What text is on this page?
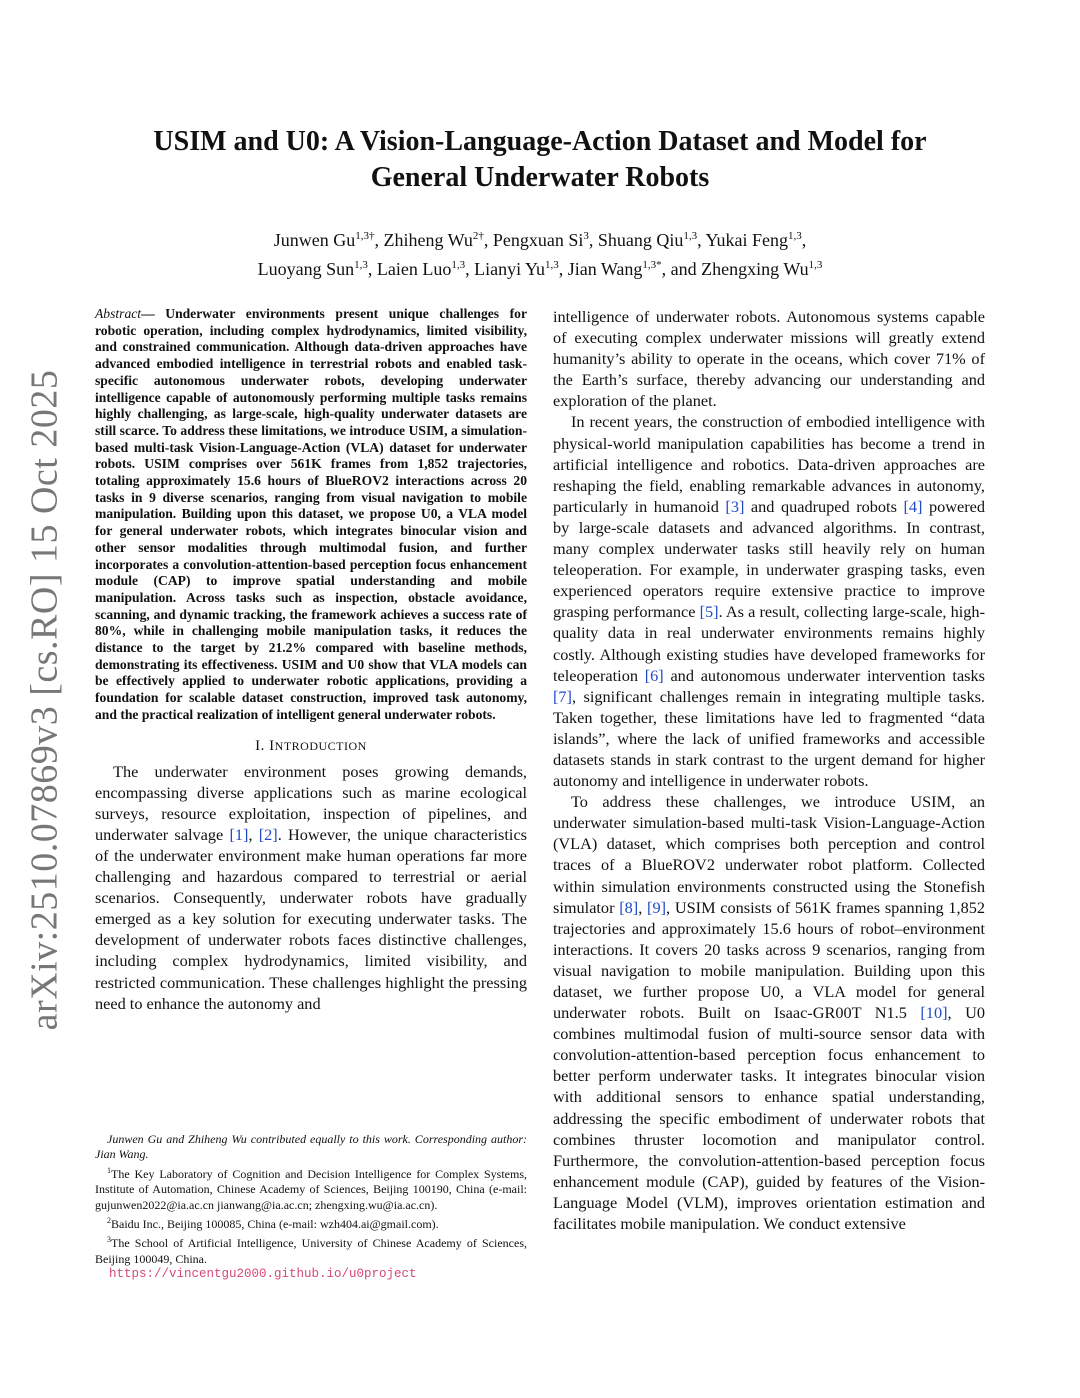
arXiv:2510.07869v3 [cs.RO] 15 Oct 2025
USIM and U0: A Vision-Language-Action Dataset and Model for
General Underwater Robots
Junwen $Gu^{1,3\dagger}$, Zhiheng $Wu^{2\dagger}$, Pengxuan Si$^3$, Shuang Qiu$^{1,3}$, Yukai Feng$^{1,3}$,
Luoyang Sun$^{1,3}$, Laien Luo$^{1,3}$, Lianyi Yu$^{1,3}$, Jian Wang$^{1,3*}$, and Zhengxing Wu$^{1,3}$

Abstract— Underwater environments present unique challenges for robotic operation, including complex hydrodynamics, limited visibility, and constrained communication. Although data-driven approaches have advanced embodied intelligence in terrestrial robots and enabled task-specific autonomous underwater robots, developing underwater intelligence capable of autonomously performing multiple tasks remains highly challenging, as large-scale, high-quality underwater datasets are still scarce. To address these limitations, we introduce USIM, a simulation-based multi-task Vision-Language-Action (VLA) dataset for underwater robots. USIM comprises over 561K frames from 1,852 trajectories, totaling approximately 15.6 hours of BlueROV2 interactions across 20 tasks in 9 diverse scenarios, ranging from visual navigation to mobile manipulation. Building upon this dataset, we propose U0, a VLA model for general underwater robots, which integrates binocular vision and other sensor modalities through multimodal fusion, and further incorporates a convolution-attention-based perception focus enhancement module (CAP) to improve spatial understanding and mobile manipulation. Across tasks such as inspection, obstacle avoidance, scanning, and dynamic tracking, the framework achieves a success rate of 80%, while in challenging mobile manipulation tasks, it reduces the distance to the target by 21.2% compared with baseline methods, demonstrating its effectiveness. USIM and U0 show that VLA models can be effectively applied to underwater robotic applications, providing a foundation for scalable dataset construction, improved task autonomy, and the practical realization of intelligent general underwater robots.

I. INTRODUCTION

The underwater environment poses growing demands, encompassing diverse applications such as marine ecological surveys, resource exploitation, inspection of pipelines, and underwater salvage [1], [2]. However, the unique characteristics of the underwater environment make human operations far more challenging and hazardous compared to terrestrial or aerial scenarios. Consequently, underwater robots have gradually emerged as a key solution for executing underwater tasks. The development of underwater robots faces distinctive challenges, including complex hydrodynamics, limited visibility, and restricted communication. These challenges highlight the pressing need to enhance the autonomy and

intelligence of underwater robots. Autonomous systems capable of executing complex underwater missions will greatly extend humanity’s ability to operate in the oceans, which cover 71% of the Earth’s surface, thereby advancing our understanding and exploration of the planet.

In recent years, the construction of embodied intelligence with physical-world manipulation capabilities has become a trend in artificial intelligence and robotics. Data-driven approaches are reshaping the field, enabling remarkable advances in autonomy, particularly in humanoid [3] and quadruped robots [4] powered by large-scale datasets and advanced algorithms. In contrast, many complex underwater tasks still heavily rely on human teleoperation. For example, in underwater grasping tasks, even experienced operators require extensive practice to improve grasping performance [5]. As a result, collecting large-scale, high-quality data in real underwater environments remains highly costly. Although existing studies have developed frameworks for teleoperation [6] and autonomous underwater intervention tasks [7], significant challenges remain in integrating multiple tasks. Taken together, these limitations have led to fragmented “data islands”, where the lack of unified frameworks and accessible datasets stands in stark contrast to the urgent demand for higher autonomy and intelligence in underwater robots.

To address these challenges, we introduce USIM, an underwater simulation-based multi-task Vision-Language-Action (VLA) dataset, which comprises both perception and control traces of a BlueROV2 underwater robot platform. Collected within simulation environments constructed using the Stonefish simulator [8], [9], USIM consists of 561K frames spanning 1,852 trajectories and approximately 15.6 hours of robot–environment interactions. It covers 20 tasks across 9 scenarios, ranging from visual navigation to mobile manipulation. Building upon this dataset, we further propose U0, a VLA model for general underwater robots. Built on Isaac-GR00T N1.5 [10], U0 combines multimodal fusion of multi-source sensor data with convolution-attention-based perception focus enhancement to better perform underwater tasks. It integrates binocular vision with additional sensors to enhance spatial understanding, addressing the specific embodiment of underwater robots that combines thruster locomotion and manipulator control. Furthermore, the convolution-attention-based perception focus enhancement module (CAP), guided by features of the Vision-Language Model (VLM), improves orientation estimation and facilitates mobile manipulation. We conduct extensive

Junwen Gu and Zhiheng Wu contributed equally to this work. Corresponding author: Jian Wang.

$^1$The Key Laboratory of Cognition and Decision Intelligence for Complex Systems, Institute of Automation, Chinese Academy of Sciences, Beijing 100190, China (e-mail: gujunwen2022@ia.ac.cn jianwang@ia.ac.cn; zhengxing.wu@ia.ac.cn).

$^2$Baidu Inc., Beijing 100085, China (e-mail: wzh404.ai@gmail.com).

$^3$The School of Artificial Intelligence, University of Chinese Academy of Sciences, Beijing 100049, China.

https://vincentgu2000.github.io/u0project
